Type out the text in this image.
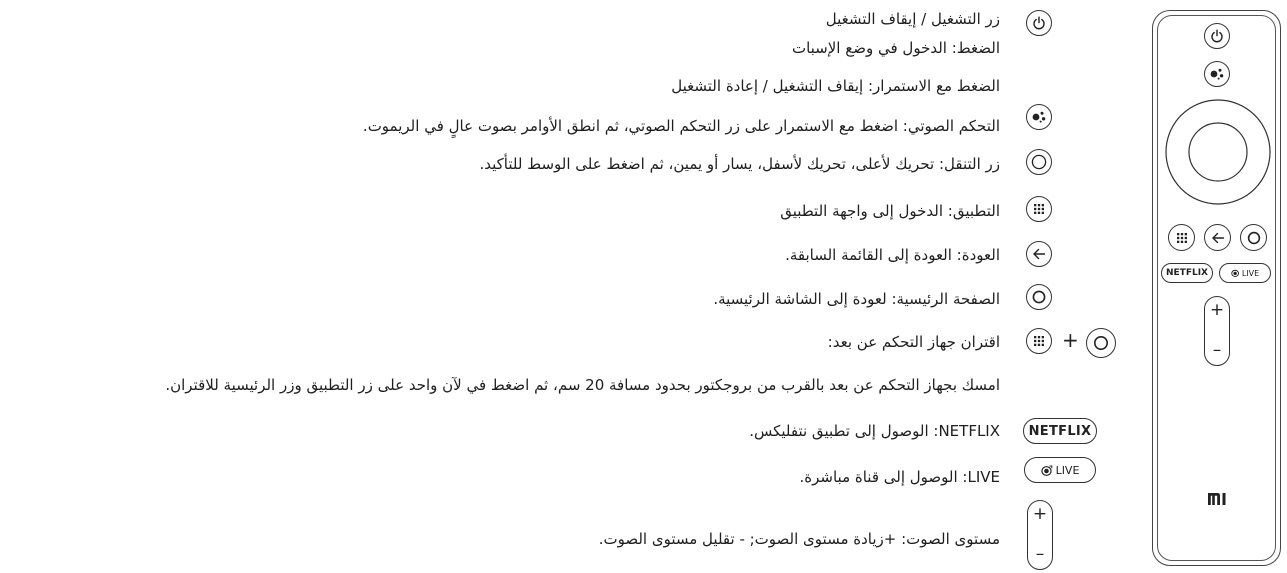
زر التشغيل / إيقاف التشغيل
الضغط: الدخول في وضع الإسبات
الضغط مع الاستمرار: إيقاف التشغيل / إعادة التشغيل
التحكم الصوتي: اضغط مع الاستمرار على زر التحكم الصوتي، ثم انطق الأوامر بصوت عالٍ في الريموت.
زر التنقل: تحريك لأعلى، تحريك لأسفل، يسار أو يمين، ثم اضغط على الوسط للتأكيد.
التطبيق: الدخول إلى واجهة التطبيق
العودة: العودة إلى القائمة السابقة.
الصفحة الرئيسية: لعودة إلى الشاشة الرئيسية.
اقتران جهاز التحكم عن بعد:
امسك بجهاز التحكم عن بعد بالقرب من بروجكتور بحدود مسافة 20 سم، ثم اضغط في لآن واحد على زر التطبيق وزر الرئيسية للاقتران.
NETFLIX: الوصول إلى تطبيق نتفليكس.
LIVE: الوصول إلى قناة مباشرة.
مستوى الصوت: +زيادة مستوى الصوت; - تقليل مستوى الصوت.
+
NETFLIX
LIVE
+
–
NETFLIX	LIVE
+
–
